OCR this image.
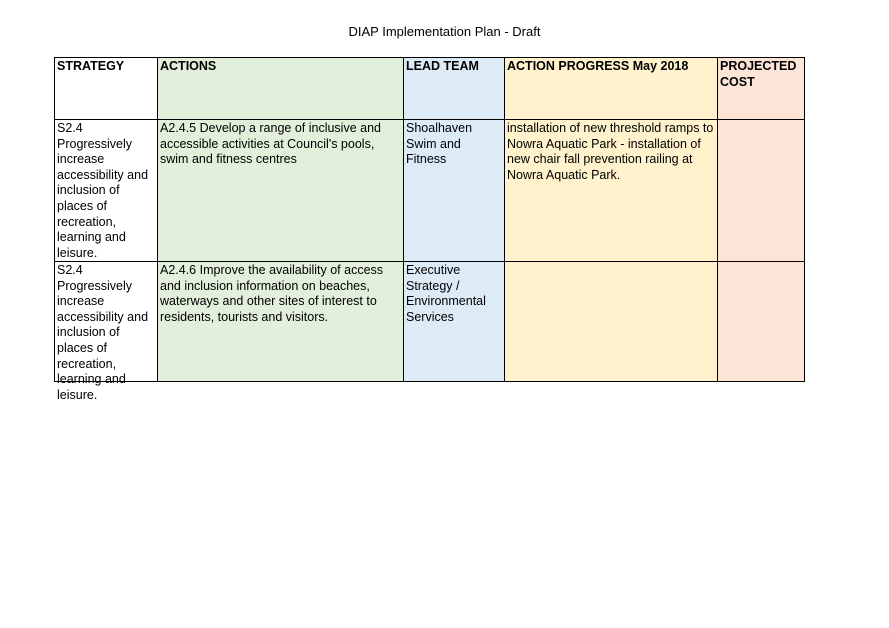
DIAP Implementation Plan - Draft
STRATEGY	ACTIONS	LEAD TEAM	ACTION PROGRESS May 2018	PROJECTED COST

S2.4 Progressively increase accessibility and inclusion of places of recreation, learning and leisure.	A2.4.5 Develop a range of inclusive and accessible activities at Council's pools, swim and fitness centres	Shoalhaven Swim and Fitness	installation of new threshold ramps to Nowra Aquatic Park - installation of new chair fall prevention railing at Nowra Aquatic Park.	

S2.4 Progressively increase accessibility and inclusion of places of recreation, learning and leisure.	A2.4.6 Improve the availability of access and inclusion information on beaches, waterways and other sites of interest to residents, tourists and visitors.	Executive Strategy / Environmental Services		
